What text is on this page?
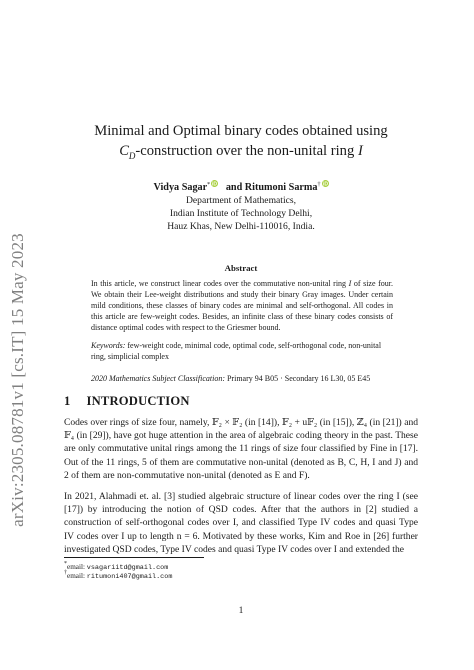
arXiv:2305.08781v1 [cs.IT] 15 May 2023
Minimal and Optimal binary codes obtained using
$C_D$-construction over the non-unital ring I
Vidya Sagar* iD and Ritumoni Sarma† iD
Department of Mathematics,
Indian Institute of Technology Delhi,
Hauz Khas, New Delhi-110016, India.
Abstract
In this article, we construct linear codes over the commutative non-unital ring I of size four. We obtain their Lee-weight distributions and study their binary Gray images. Under certain mild conditions, these classes of binary codes are minimal and self-orthogonal. All codes in this article are few-weight codes. Besides, an infinite class of these binary codes consists of distance optimal codes with respect to the Griesmer bound.
Keywords: few-weight code, minimal code, optimal code, self-orthogonal code, non-unital ring, simplicial complex
2020 Mathematics Subject Classification: Primary 94 B05 · Secondary 16 L30, 05 E45
1 INTRODUCTION
Codes over rings of size four, namely, 𝔽₂ × 𝔽₂ (in [14]), 𝔽₂ + u𝔽₂ (in [15]), ℤ₄ (in [21]) and 𝔽₄ (in [29]), have got huge attention in the area of algebraic coding theory in the past. These are only commutative unital rings among the 11 rings of size four classified by Fine in [17]. Out of the 11 rings, 5 of them are commutative non-unital (denoted as B, C, H, I and J) and 2 of them are non-commutative non-unital (denoted as E and F).
In 2021, Alahmadi et. al. [3] studied algebraic structure of linear codes over the ring I (see [17]) by introducing the notion of QSD codes. After that the authors in [2] studied a construction of self-orthogonal codes over I, and classified Type IV codes and quasi Type IV codes over I up to length n = 6. Motivated by these works, Kim and Roe in [26] further investigated QSD codes, Type IV codes and quasi Type IV codes over I and extended the
*email: vsagariitd@gmail.com
†email: ritumoni407@gmail.com
1
